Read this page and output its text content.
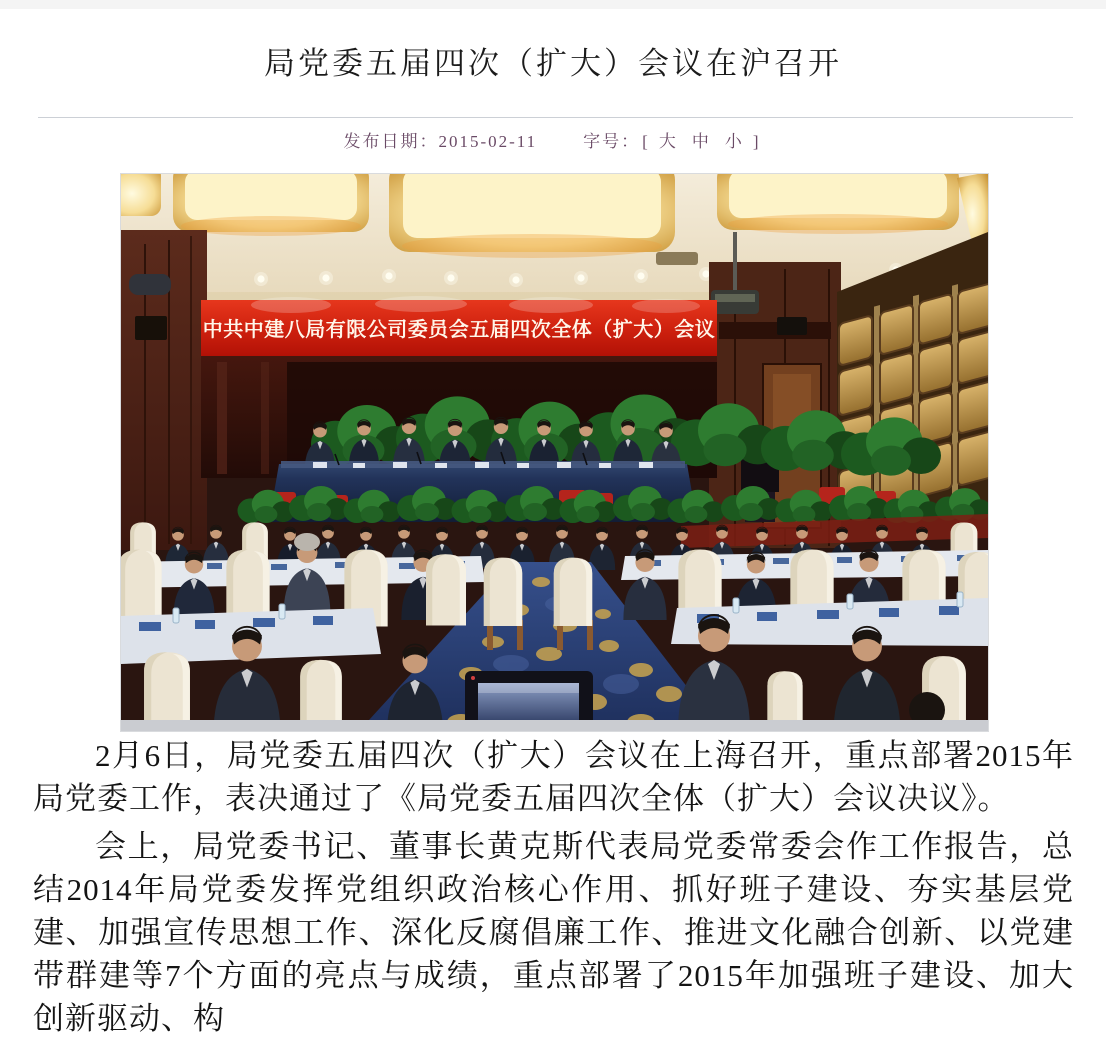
局党委五届四次（扩大）会议在沪召开
发布日期：2015-02-11	字号： [ 大 中 小 ]
中共中建八局有限公司委员会五届四次全体（扩大）会议

2月6日，局党委五届四次（扩大）会议在上海召开，重点部署2015年局党委工作，表决通过了《局党委五届四次全体（扩大）会议决议》。

会上，局党委书记、董事长黄克斯代表局党委常委会作工作报告，总结2014年局党委发挥党组织政治核心作用、抓好班子建设、夯实基层党建、加强宣传思想工作、深化反腐倡廉工作、推进文化融合创新、以党建带群建等7个方面的亮点与成绩，重点部署了2015年加强班子建设、加大创新驱动、构
